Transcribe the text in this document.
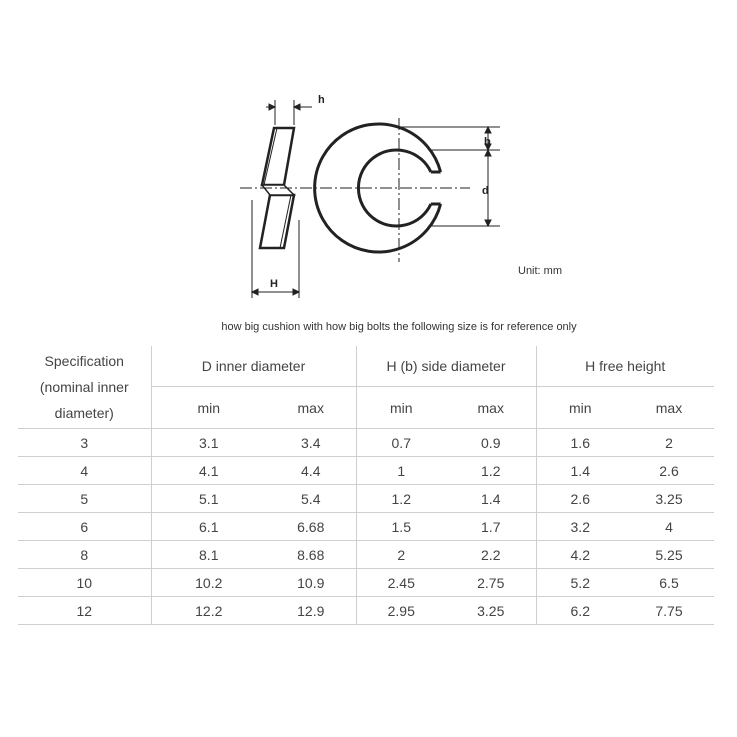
h
H
b
d
Unit: mm
how big cushion with how big bolts the following size is for reference only
Specification
(nominal inner
diameter)	D inner diameter		H (b) side diameter		H free height	
	min	max	min	max	min	max
3	3.1	3.4	0.7	0.9	1.6	2
4	4.1	4.4	1	1.2	1.4	2.6
5	5.1	5.4	1.2	1.4	2.6	3.25
6	6.1	6.68	1.5	1.7	3.2	4
8	8.1	8.68	2	2.2	4.2	5.25
10	10.2	10.9	2.45	2.75	5.2	6.5
12	12.2	12.9	2.95	3.25	6.2	7.75
